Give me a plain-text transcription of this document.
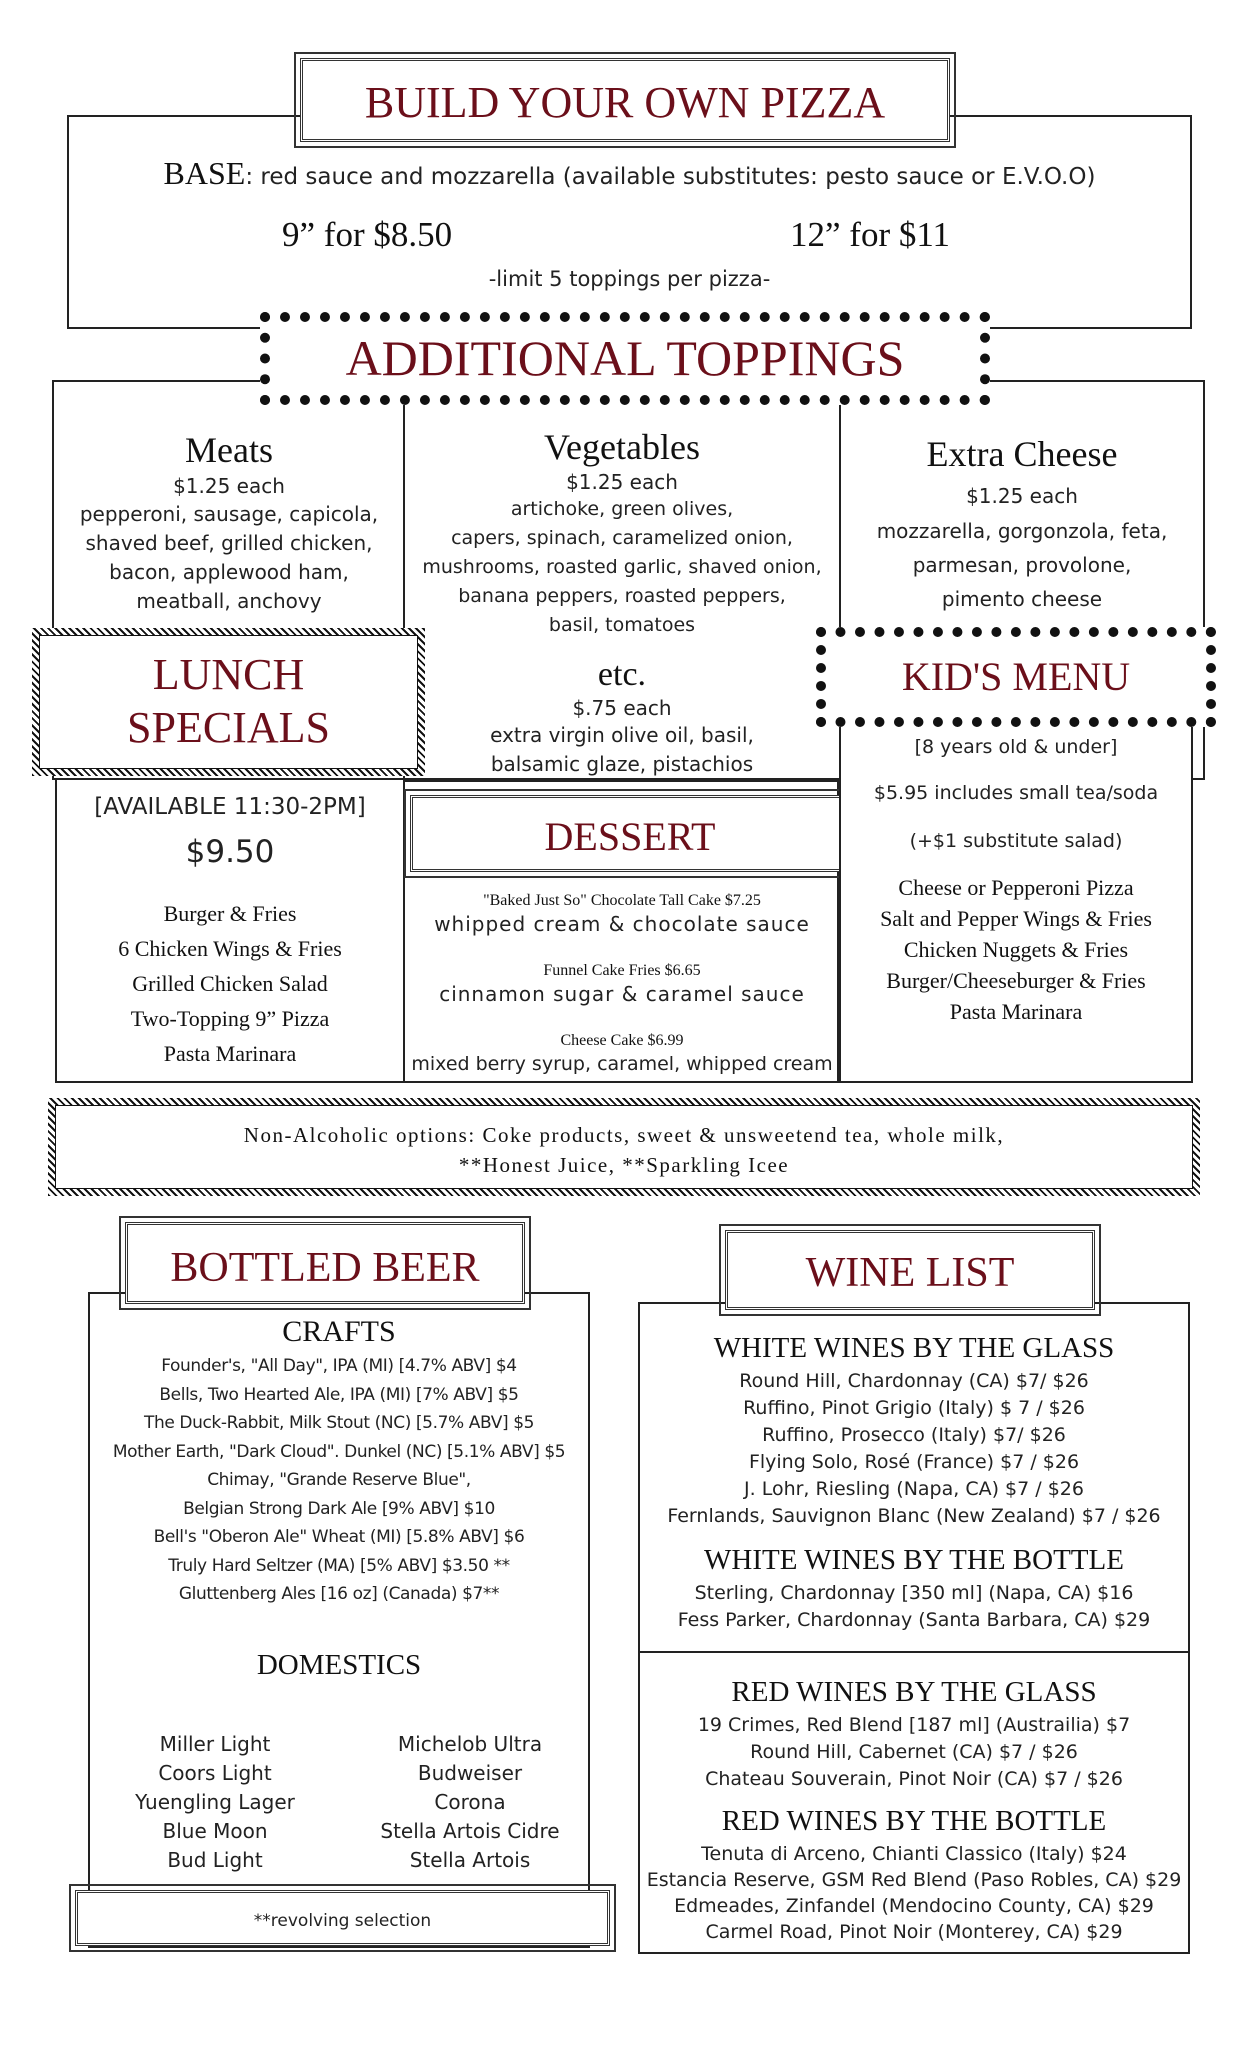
BUILD YOUR OWN PIZZA
BASE: red sauce and mozzarella (available substitutes: pesto sauce or E.V.O.O)
9” for $8.50	12” for $11
-limit 5 toppings per pizza-
ADDITIONAL TOPPINGS
Meats
$1.25 each
pepperoni, sausage, capicola,
shaved beef, grilled chicken,
bacon, applewood ham,
meatball, anchovy
Vegetables
$1.25 each
artichoke, green olives,
capers, spinach, caramelized onion,
mushrooms, roasted garlic, shaved onion,
banana peppers, roasted peppers,
basil, tomatoes
Extra Cheese
$1.25 each
mozzarella, gorgonzola, feta,
parmesan, provolone,
pimento cheese
etc.
$.75 each
extra virgin olive oil, basil,
balsamic glaze, pistachios
LUNCH
SPECIALS
[AVAILABLE 11:30-2PM]
$9.50
Burger & Fries
6 Chicken Wings & Fries
Grilled Chicken Salad
Two-Topping 9” Pizza
Pasta Marinara
DESSERT
"Baked Just So" Chocolate Tall Cake $7.25
whipped cream & chocolate sauce
Funnel Cake Fries $6.65
cinnamon sugar & caramel sauce
Cheese Cake $6.99
mixed berry syrup, caramel, whipped cream
KID'S MENU
[8 years old & under]
$5.95 includes small tea/soda
(+$1 substitute salad)
Cheese or Pepperoni Pizza
Salt and Pepper Wings & Fries
Chicken Nuggets & Fries
Burger/Cheeseburger & Fries
Pasta Marinara
Non-Alcoholic options: Coke products, sweet & unsweetend tea, whole milk,
**Honest Juice, **Sparkling Icee
BOTTLED BEER
CRAFTS
Founder's, "All Day", IPA (MI) [4.7% ABV] $4
Bells, Two Hearted Ale, IPA (MI) [7% ABV] $5
The Duck-Rabbit, Milk Stout (NC) [5.7% ABV] $5
Mother Earth, "Dark Cloud". Dunkel (NC) [5.1% ABV] $5
Chimay, "Grande Reserve Blue",
Belgian Strong Dark Ale [9% ABV] $10
Bell's "Oberon Ale" Wheat (MI) [5.8% ABV] $6
Truly Hard Seltzer (MA) [5% ABV] $3.50 **
Gluttenberg Ales [16 oz] (Canada) $7**
DOMESTICS
Miller Light
Coors Light
Yuengling Lager
Blue Moon
Bud Light
Michelob Ultra
Budweiser
Corona
Stella Artois Cidre
Stella Artois
**revolving selection
WINE LIST
WHITE WINES BY THE GLASS
Round Hill, Chardonnay (CA) $7/ $26
Ruffino, Pinot Grigio (Italy) $ 7 / $26
Ruffino, Prosecco (Italy) $7/ $26
Flying Solo, Rosé (France) $7 / $26
J. Lohr, Riesling (Napa, CA) $7 / $26
Fernlands, Sauvignon Blanc (New Zealand) $7 / $26
WHITE WINES BY THE BOTTLE
Sterling, Chardonnay [350 ml] (Napa, CA) $16
Fess Parker, Chardonnay (Santa Barbara, CA) $29
RED WINES BY THE GLASS
19 Crimes, Red Blend [187 ml] (Austrailia) $7
Round Hill, Cabernet (CA) $7 / $26
Chateau Souverain, Pinot Noir (CA) $7 / $26
RED WINES BY THE BOTTLE
Tenuta di Arceno, Chianti Classico (Italy) $24
Estancia Reserve, GSM Red Blend (Paso Robles, CA) $29
Edmeades, Zinfandel (Mendocino County, CA) $29
Carmel Road, Pinot Noir (Monterey, CA) $29
